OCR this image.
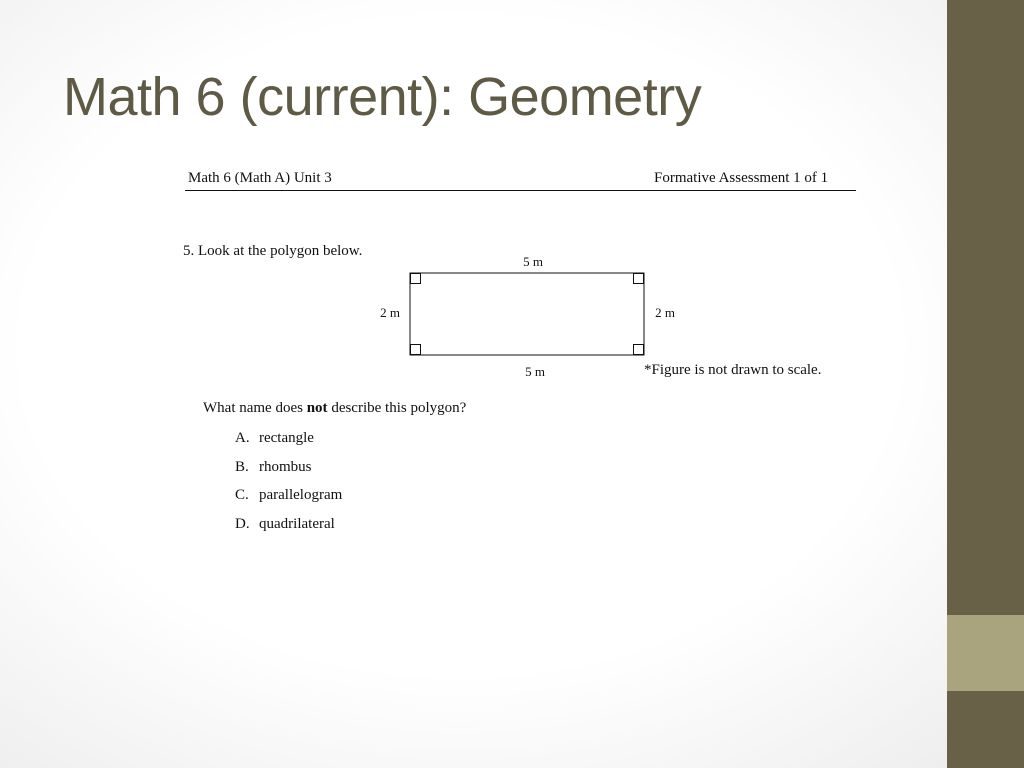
Math 6 (current): Geometry
Math 6 (Math A) Unit 3	Formative Assessment 1 of 1
5. Look at the polygon below.
5 m
5 m
2 m	2 m
*Figure is not drawn to scale.
What name does not describe this polygon?
A. rectangle
B. rhombus
C. parallelogram
D. quadrilateral
